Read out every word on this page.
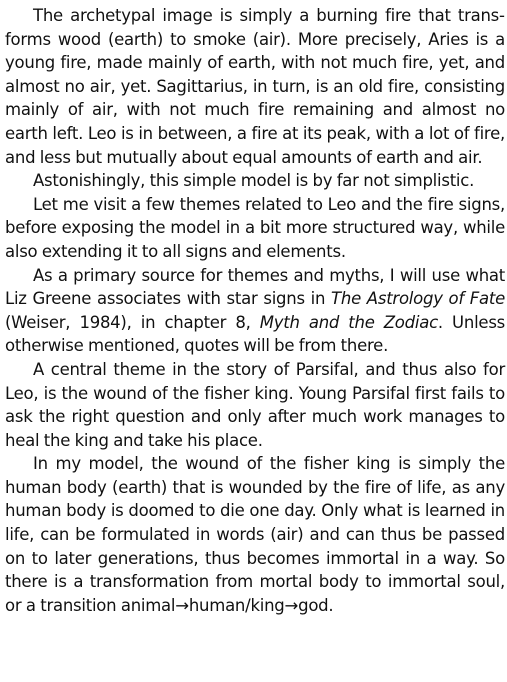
The archetypal image is simply a burning fire that transforms wood (earth) to smoke (air). More precisely, Aries is a young fire, made mainly of earth, with not much fire, yet, and almost no air, yet. Sagittarius, in turn, is an old fire, consisting mainly of air, with not much fire remaining and almost no earth left. Leo is in between, a fire at its peak, with a lot of fire, and less but mutually about equal amounts of earth and air.

Astonishingly, this simple model is by far not simplistic.

Let me visit a few themes related to Leo and the fire signs, before exposing the model in a bit more structured way, while also extending it to all signs and elements.

As a primary source for themes and myths, I will use what Liz Greene associates with star signs in The Astrology of Fate (Weiser, 1984), in chapter 8, Myth and the Zodiac. Unless otherwise mentioned, quotes will be from there.

A central theme in the story of Parsifal, and thus also for Leo, is the wound of the fisher king. Young Parsifal first fails to ask the right question and only after much work manages to heal the king and take his place.

In my model, the wound of the fisher king is simply the human body (earth) that is wounded by the fire of life, as any human body is doomed to die one day. Only what is learned in life, can be formulated in words (air) and can thus be passed on to later generations, thus becomes immortal in a way. So there is a transformation from mortal body to immortal soul, or a transition animal→human/king→god.
